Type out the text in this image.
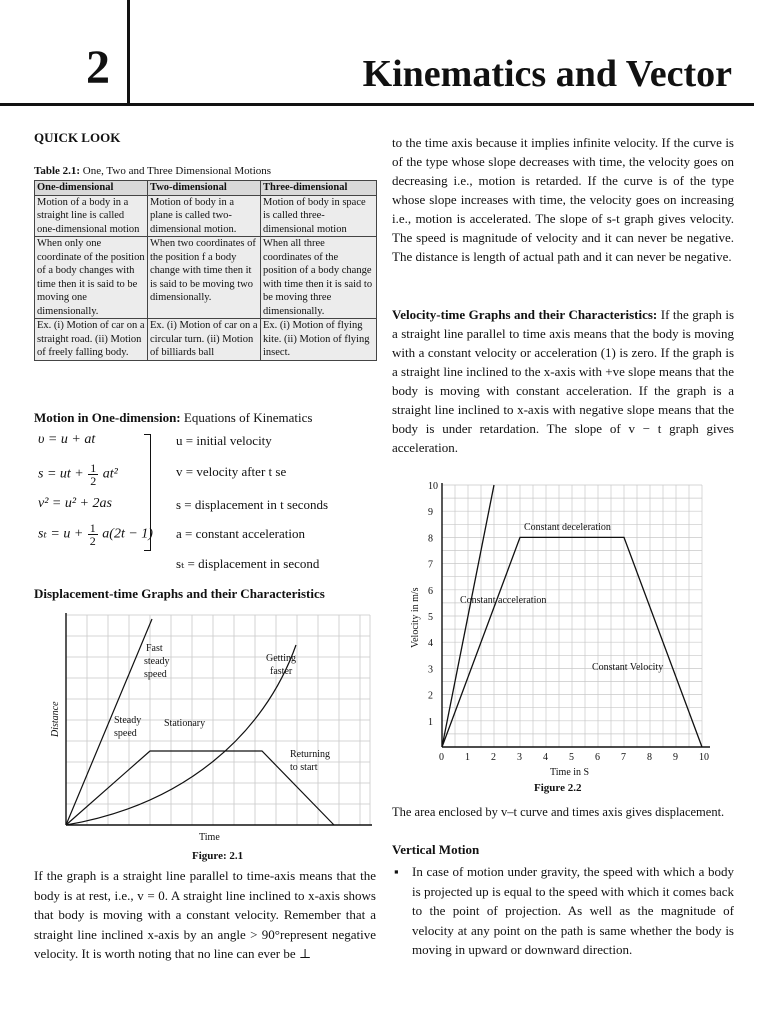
2	Kinematics and Vector
QUICK LOOK
Table 2.1: One, Two and Three Dimensional Motions
One-dimensional	Two-dimensional	Three-dimensional
Motion of a body in a straight line is called one-dimensional motion	Motion of body in a plane is called two-dimensional motion.	Motion of body in space is called three-dimensional motion
When only one coordinate of the position of a body changes with time then it is said to be moving one dimensionally.	When two coordinates of the position f a body change with time then it is said to be moving two dimensionally.	When all three coordinates of the position of a body change with time then it is said to be moving three dimensionally.
Ex. (i) Motion of car on a straight road. (ii) Motion of freely falling body.	Ex. (i) Motion of car on a circular turn. (ii) Motion of billiards ball	Ex. (i) Motion of flying kite. (ii) Motion of flying insect.
Motion in One-dimension: Equations of Kinematics
υ = u + at
s = ut + $\frac{1}{2} at^2$
v² = u² + 2as
$s_t = u + \frac{1}{2} a(2t - 1)$
u = initial velocity
v = velocity after t se
s = displacement in t seconds
a = constant acceleration
sₜ = displacement in second
Displacement-time Graphs and their Characteristics
Fast
steady
speed
Getting
faster
Steady
speed
Stationary
Returning
to start
Time
Distance
Figure: 2.1
If the graph is a straight line parallel to time-axis means that the body is at rest, i.e., v = 0. A straight line inclined to x-axis shows that body is moving with a constant velocity. Remember that a straight line inclined x-axis by an angle > 90°represent negative velocity. It is worth noting that no line can ever be ⊥
to the time axis because it implies infinite velocity. If the curve is of the type whose slope decreases with time, the velocity goes on decreasing i.e., motion is retarded. If the curve is of the type whose slope increases with time, the velocity goes on increasing i.e., motion is accelerated. The slope of s-t graph gives velocity. The speed is magnitude of velocity and it can never be negative. The distance is length of actual path and it can never be negative.
Velocity-time Graphs and their Characteristics: If the graph is a straight line parallel to time axis means that the body is moving with a constant velocity or acceleration (1) is zero. If the graph is a straight line inclined to the x-axis with +ve slope means that the body is moving with constant acceleration. If the graph is a straight line inclined to x-axis with negative slope means that the body is under retardation. The slope of v − t graph gives acceleration.
0 1 2 3 4 5 6 7 8 9 10
1
2
3
4
5
6
7
8
9
10
Constant deceleration
Constant acceleration
Constant Velocity
Time in S
Velocity in m/s
Figure 2.2
The area enclosed by v–t curve and times axis gives displacement.
Vertical Motion
▪ In case of motion under gravity, the speed with which a body is projected up is equal to the speed with which it comes back to the point of projection. As well as the magnitude of velocity at any point on the path is same whether the body is moving in upward or downward direction.
